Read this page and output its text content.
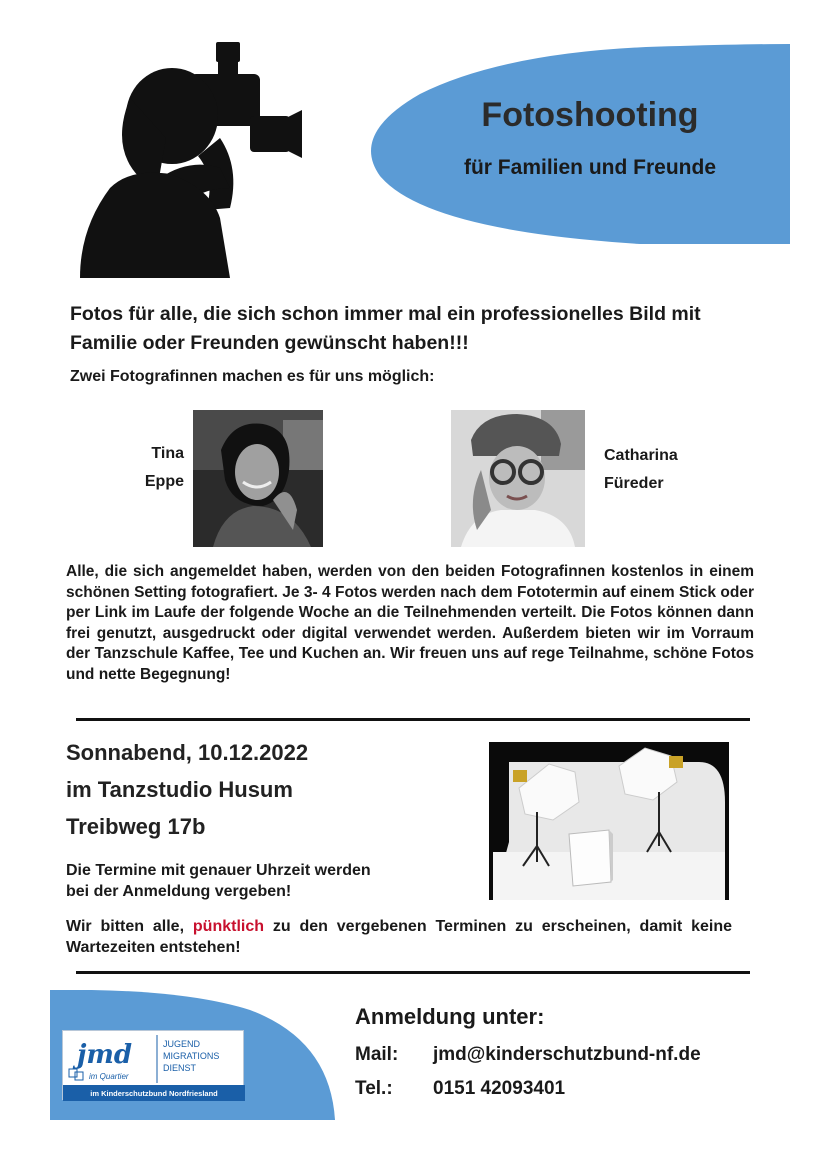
Fotoshooting
für Familien und Freunde
Fotos für alle, die sich schon immer mal ein professionelles Bild mit Familie oder Freunden gewünscht haben!!!
Zwei Fotografinnen machen es für uns möglich:
Tina
Eppe
Catharina
Füreder
Alle, die sich angemeldet haben, werden von den beiden Fotografinnen kostenlos in einem schönen Setting fotografiert. Je 3- 4 Fotos werden nach dem Fototermin auf einem Stick oder per Link im Laufe der folgende Woche an die Teilnehmenden verteilt. Die Fotos können dann frei genutzt, ausgedruckt oder digital verwendet werden. Außerdem bieten wir im Vorraum der Tanzschule Kaffee, Tee und Kuchen an. Wir freuen uns auf rege Teilnahme, schöne Fotos und nette Begegnung!
Sonnabend, 10.12.2022
im Tanzstudio Husum
Treibweg 17b
Die Termine mit genauer Uhrzeit werden
bei der Anmeldung vergeben!
Wir bitten alle, pünktlich zu den vergebenen Terminen zu erscheinen, damit keine Wartezeiten entstehen!
jmd
im Quartier
JUGEND
MIGRATIONS
DIENST
im Kinderschutzbund Nordfriesland
Anmeldung unter:
Mail:	jmd@kinderschutzbund-nf.de
Tel.:	0151 42093401
